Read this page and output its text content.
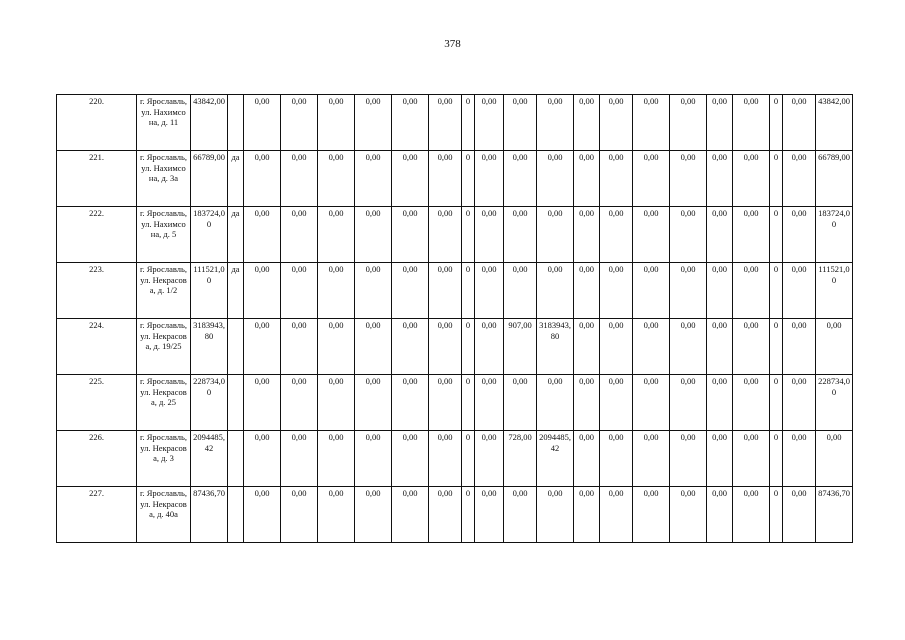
378
220.	г. Ярославль, ул. Нахимсона, д. 11	43842,00		0,00	0,00	0,00	0,00	0,00	0,00	0	0,00	0,00	0,00	0,00	0,00	0,00	0,00	0,00	0,00	0	0,00	43842,00
221.	г. Ярославль, ул. Нахимсона, д. 3а	66789,00	да	0,00	0,00	0,00	0,00	0,00	0,00	0	0,00	0,00	0,00	0,00	0,00	0,00	0,00	0,00	0,00	0	0,00	66789,00
222.	г. Ярославль, ул. Нахимсона, д. 5	183724,00	да	0,00	0,00	0,00	0,00	0,00	0,00	0	0,00	0,00	0,00	0,00	0,00	0,00	0,00	0,00	0,00	0	0,00	183724,00
223.	г. Ярославль, ул. Некрасова, д. 1/2	111521,00	да	0,00	0,00	0,00	0,00	0,00	0,00	0	0,00	0,00	0,00	0,00	0,00	0,00	0,00	0,00	0,00	0	0,00	111521,00
224.	г. Ярославль, ул. Некрасова, д. 19/25	3183943,80		0,00	0,00	0,00	0,00	0,00	0,00	0	0,00	907,00	3183943,80	0,00	0,00	0,00	0,00	0,00	0,00	0	0,00	0,00
225.	г. Ярославль, ул. Некрасова, д. 25	228734,00		0,00	0,00	0,00	0,00	0,00	0,00	0	0,00	0,00	0,00	0,00	0,00	0,00	0,00	0,00	0,00	0	0,00	228734,00
226.	г. Ярославль, ул. Некрасова, д. 3	2094485,42		0,00	0,00	0,00	0,00	0,00	0,00	0	0,00	728,00	2094485,42	0,00	0,00	0,00	0,00	0,00	0,00	0	0,00	0,00
227.	г. Ярославль, ул. Некрасова, д. 40а	87436,70		0,00	0,00	0,00	0,00	0,00	0,00	0	0,00	0,00	0,00	0,00	0,00	0,00	0,00	0,00	0,00	0	0,00	87436,70
